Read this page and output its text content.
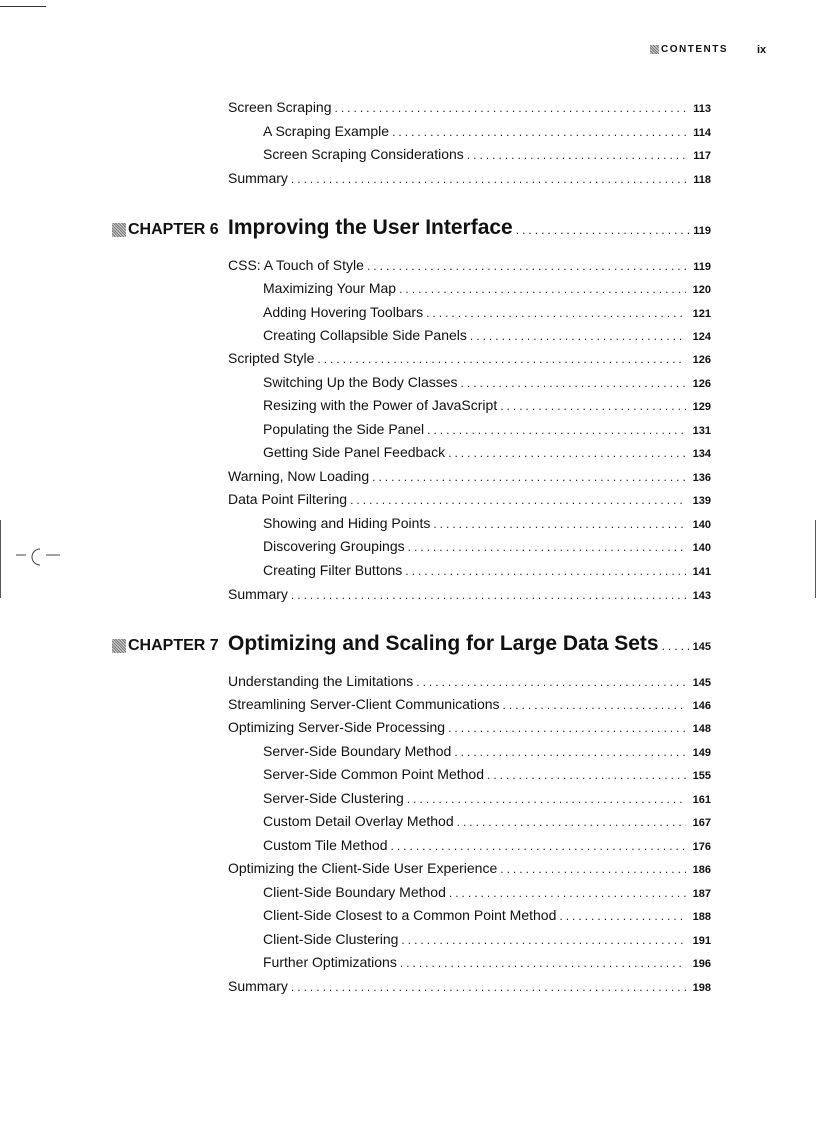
CONTENTS	ix
Screen Scraping .....	113
A Scraping Example .....	114
Screen Scraping Considerations .....	117
Summary .....	118
CHAPTER 6 Improving the User Interface .....	119
CSS: A Touch of Style .....	119
Maximizing Your Map .....	120
Adding Hovering Toolbars .....	121
Creating Collapsible Side Panels .....	124
Scripted Style .....	126
Switching Up the Body Classes .....	126
Resizing with the Power of JavaScript .....	129
Populating the Side Panel .....	131
Getting Side Panel Feedback .....	134
Warning, Now Loading .....	136
Data Point Filtering .....	139
Showing and Hiding Points .....	140
Discovering Groupings .....	140
Creating Filter Buttons .....	141
Summary .....	143
CHAPTER 7 Optimizing and Scaling for Large Data Sets .....	145
Understanding the Limitations .....	145
Streamlining Server-Client Communications .....	146
Optimizing Server-Side Processing .....	148
Server-Side Boundary Method .....	149
Server-Side Common Point Method .....	155
Server-Side Clustering .....	161
Custom Detail Overlay Method .....	167
Custom Tile Method .....	176
Optimizing the Client-Side User Experience .....	186
Client-Side Boundary Method .....	187
Client-Side Closest to a Common Point Method .....	188
Client-Side Clustering .....	191
Further Optimizations .....	196
Summary .....	198
